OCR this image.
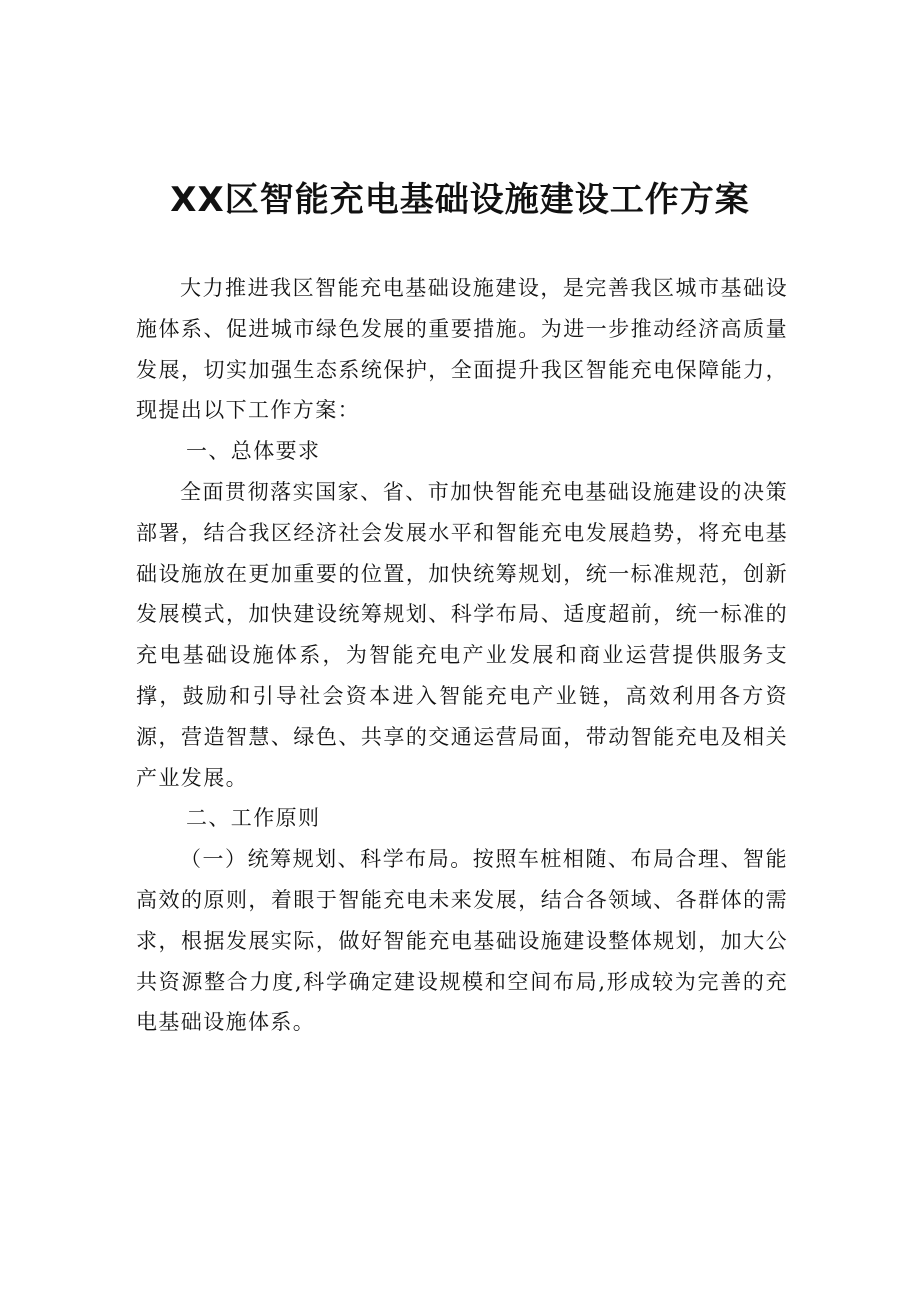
XX区智能充电基础设施建设工作方案

大力推进我区智能充电基础设施建设，是完善我区城市基础设施体系、促进城市绿色发展的重要措施。为进一步推动经济高质量发展，切实加强生态系统保护，全面提升我区智能充电保障能力，现提出以下工作方案：

一、总体要求

全面贯彻落实国家、省、市加快智能充电基础设施建设的决策部署，结合我区经济社会发展水平和智能充电发展趋势，将充电基础设施放在更加重要的位置，加快统筹规划，统一标准规范，创新发展模式，加快建设统筹规划、科学布局、适度超前，统一标准的充电基础设施体系，为智能充电产业发展和商业运营提供服务支撑，鼓励和引导社会资本进入智能充电产业链，高效利用各方资源，营造智慧、绿色、共享的交通运营局面，带动智能充电及相关产业发展。

二、工作原则

（一）统筹规划、科学布局。按照车桩相随、布局合理、智能高效的原则，着眼于智能充电未来发展，结合各领域、各群体的需求，根据发展实际，做好智能充电基础设施建设整体规划，加大公共资源整合力度,科学确定建设规模和空间布局,形成较为完善的充电基础设施体系。
